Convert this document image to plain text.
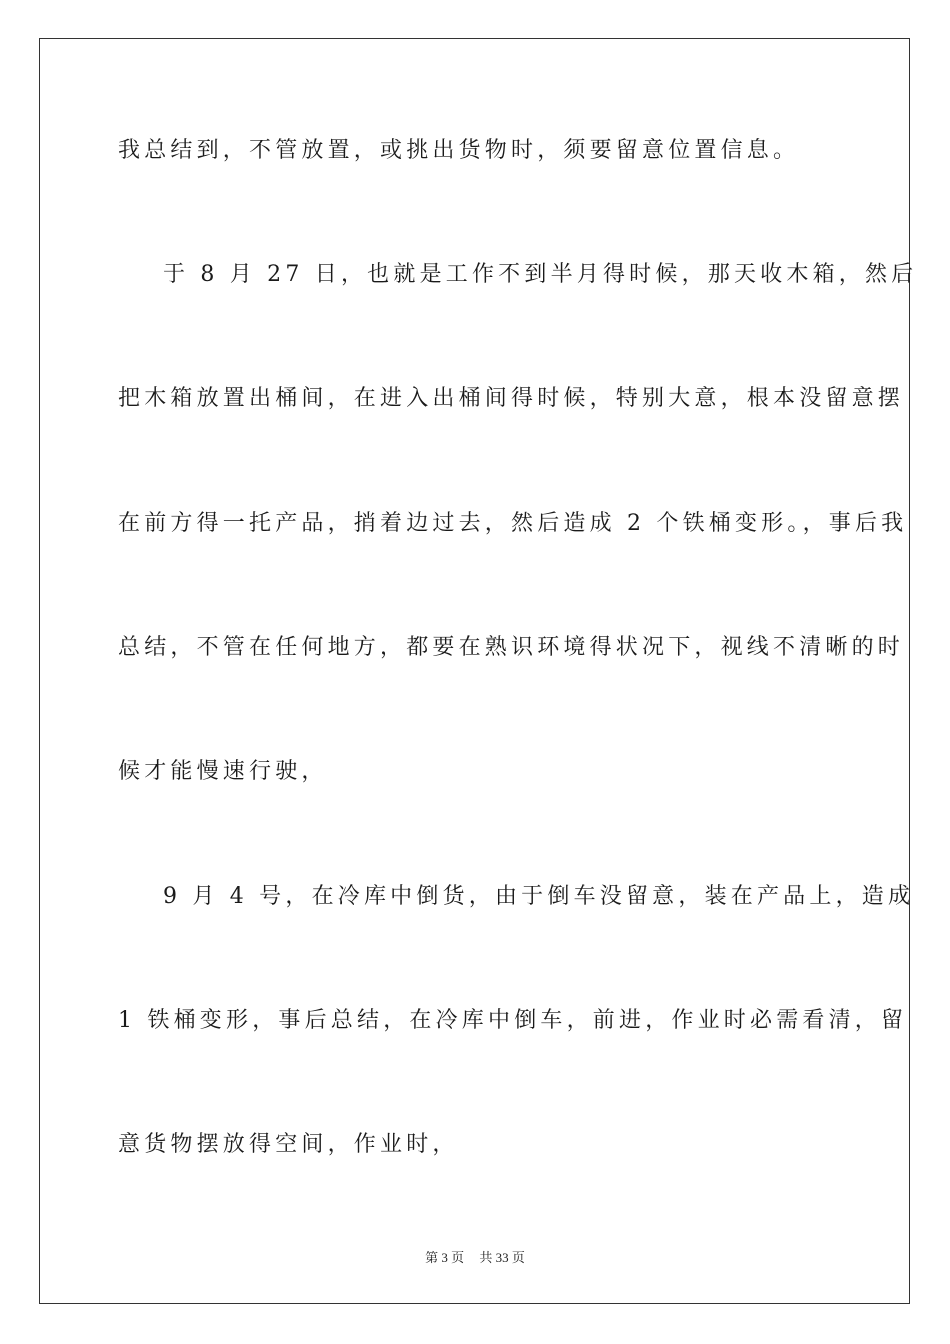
我总结到，不管放置，或挑出货物时，须要留意位置信息。
于 8 月 27 日，也就是工作不到半月得时候，那天收木箱，然后
把木箱放置出桶间，在进入出桶间得时候，特别大意，根本没留意摆
在前方得一托产品，捎着边过去，然后造成 2 个铁桶变形。，事后我
总结，不管在任何地方，都要在熟识环境得状况下，视线不清晰的时
候才能慢速行驶，
9 月 4 号，在冷库中倒货，由于倒车没留意，装在产品上，造成
1 铁桶变形，事后总结，在冷库中倒车，前进，作业时必需看清，留
意货物摆放得空间，作业时，
第 3 页 共 33 页
